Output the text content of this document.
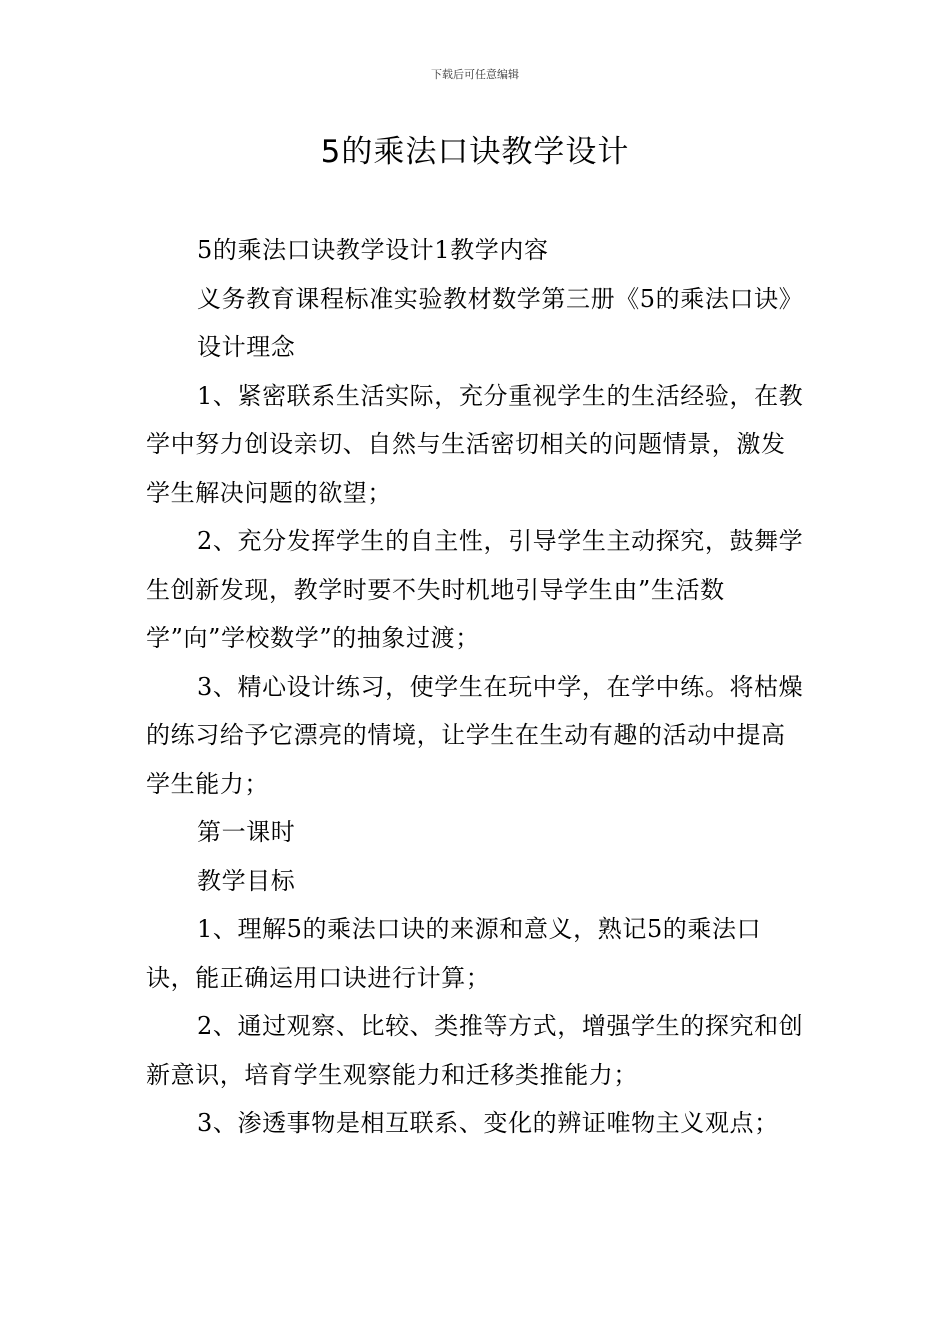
下载后可任意编辑
5的乘法口诀教学设计

5的乘法口诀教学设计1教学内容

义务教育课程标准实验教材数学第三册《5的乘法口诀》

设计理念

1、紧密联系生活实际，充分重视学生的生活经验，在教学中努力创设亲切、自然与生活密切相关的问题情景，激发学生解决问题的欲望；

2、充分发挥学生的自主性，引导学生主动探究，鼓舞学生创新发现，教学时要不失时机地引导学生由”生活数学”向”学校数学”的抽象过渡；

3、精心设计练习，使学生在玩中学，在学中练。将枯燥的练习给予它漂亮的情境，让学生在生动有趣的活动中提高学生能力；

第一课时

教学目标

1、理解5的乘法口诀的来源和意义，熟记5的乘法口诀，能正确运用口诀进行计算；

2、通过观察、比较、类推等方式，增强学生的探究和创新意识，培育学生观察能力和迁移类推能力；

3、渗透事物是相互联系、变化的辨证唯物主义观点；
